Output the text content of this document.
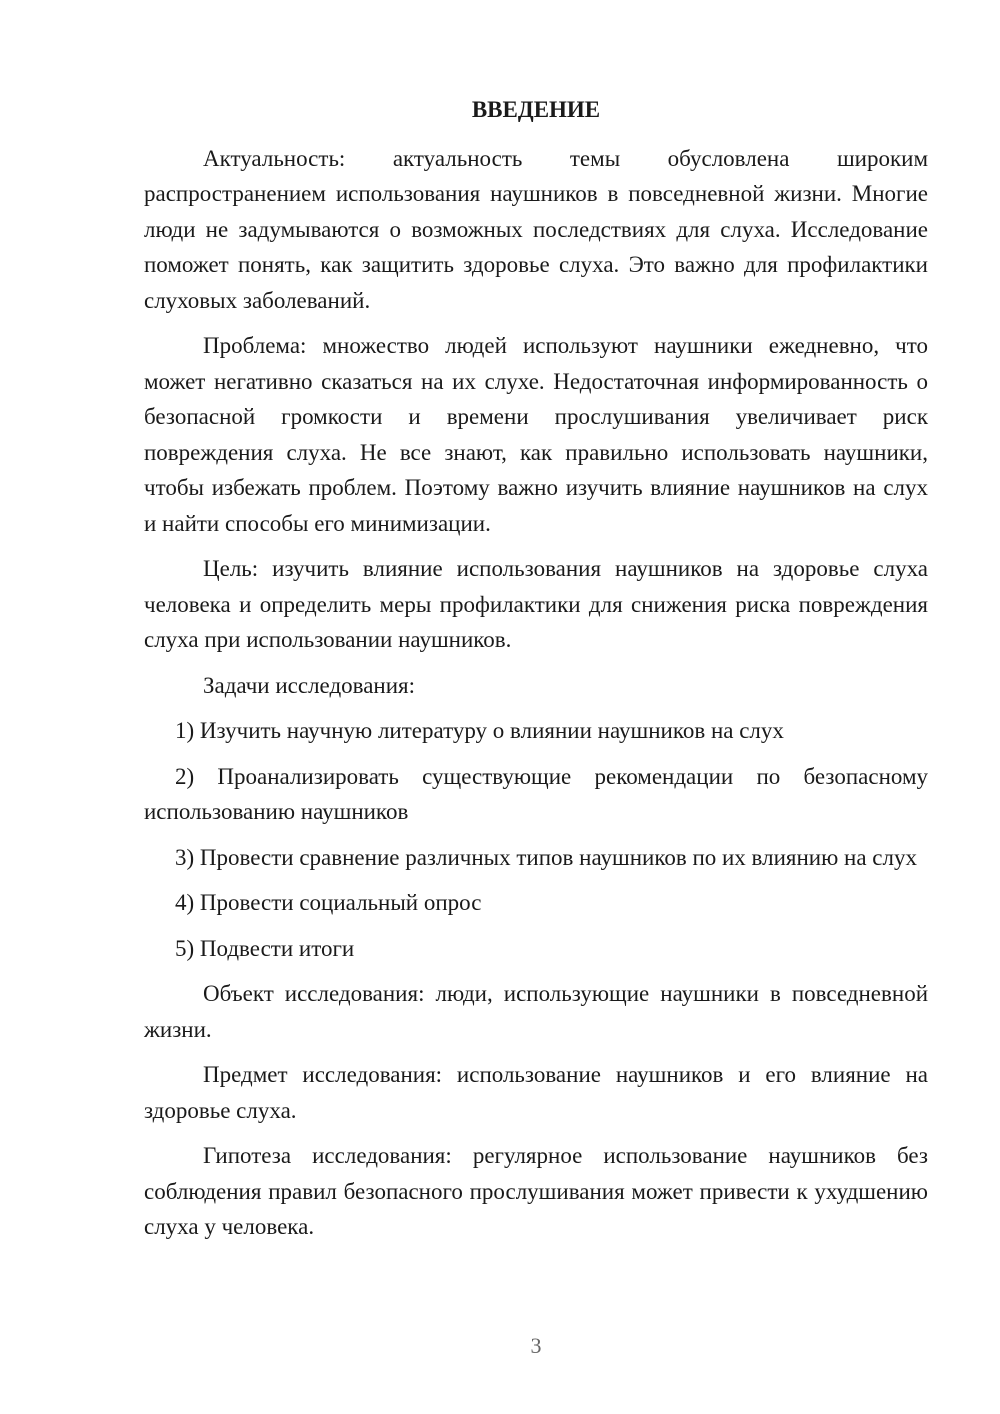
ВВЕДЕНИЕ

Актуальность: актуальность темы обусловлена широким распространением использования наушников в повседневной жизни. Многие люди не задумываются о возможных последствиях для слуха. Исследование поможет понять, как защитить здоровье слуха. Это важно для профилактики слуховых заболеваний.

Проблема: множество людей используют наушники ежедневно, что может негативно сказаться на их слухе. Недостаточная информированность о безопасной громкости и времени прослушивания увеличивает риск повреждения слуха. Не все знают, как правильно использовать наушники, чтобы избежать проблем. Поэтому важно изучить влияние наушников на слух и найти способы его минимизации.

Цель: изучить влияние использования наушников на здоровье слуха человека и определить меры профилактики для снижения риска повреждения слуха при использовании наушников.

Задачи исследования:

1) Изучить научную литературу о влиянии наушников на слух

2) Проанализировать существующие рекомендации по безопасному использованию наушников

3) Провести сравнение различных типов наушников по их влиянию на слух

4) Провести социальный опрос

5) Подвести итоги

Объект исследования: люди, использующие наушники в повседневной жизни.

Предмет исследования: использование наушников и его влияние на здоровье слуха.

Гипотеза исследования: регулярное использование наушников без соблюдения правил безопасного прослушивания может привести к ухудшению слуха у человека.

3
